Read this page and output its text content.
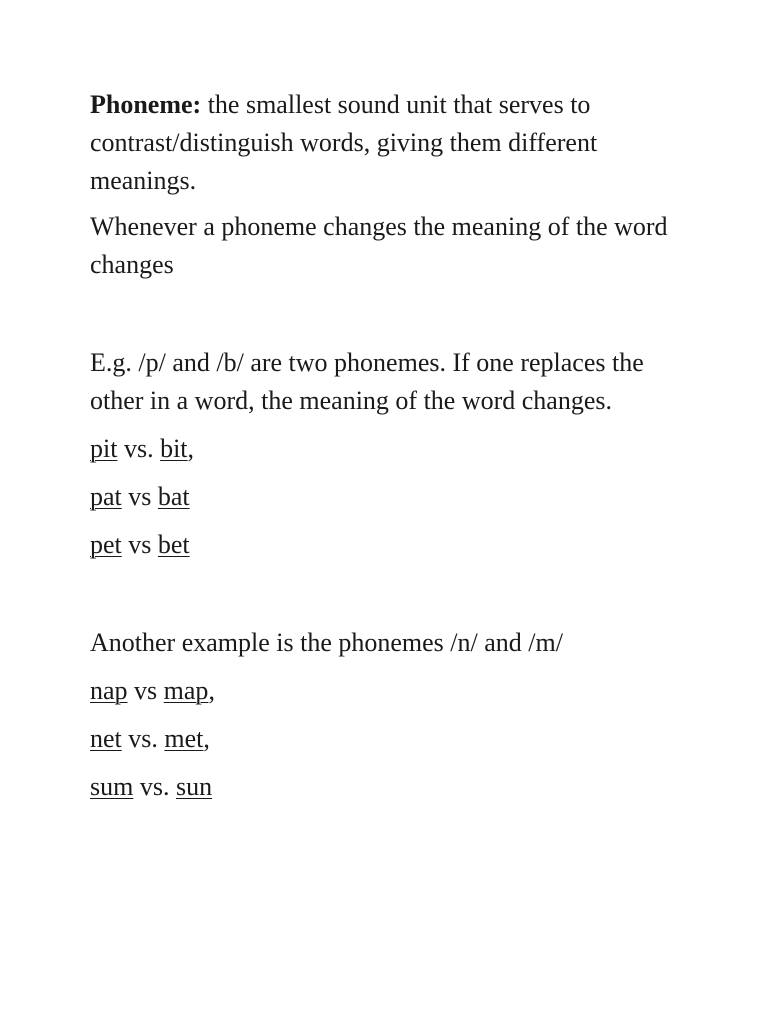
Phoneme: the smallest sound unit that serves to contrast/distinguish words, giving them different meanings.

Whenever a phoneme changes the meaning of the word changes

E.g. /p/ and /b/ are two phonemes. If one replaces the other in a word, the meaning of the word changes.

pit vs. bit,

pat vs bat

pet vs bet

Another example is the phonemes /n/ and /m/

nap vs map,

net vs. met,

sum vs. sun
